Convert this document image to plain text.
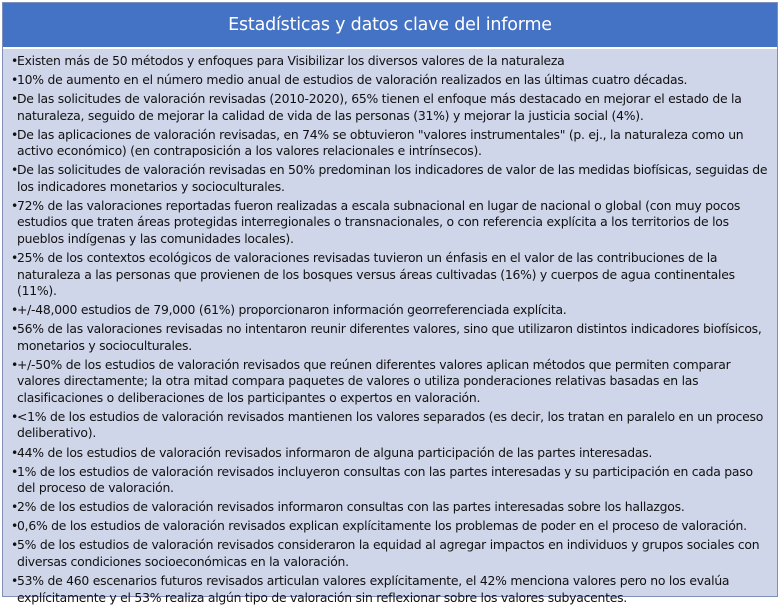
Estadísticas y datos clave del informe
•
Existen más de 50 métodos y enfoques para Visibilizar los diversos valores de la naturaleza
•
10% de aumento en el número medio anual de estudios de valoración realizados en las últimas cuatro décadas.
•
De las solicitudes de valoración revisadas (2010-2020), 65% tienen el enfoque más destacado en mejorar el estado de la naturaleza, seguido de mejorar la calidad de vida de las personas (31%) y mejorar la justicia social (4%).
•
De las aplicaciones de valoración revisadas, en 74% se obtuvieron "valores instrumentales" (p. ej., la naturaleza como un activo económico) (en contraposición a los valores relacionales e intrínsecos).
•
De las solicitudes de valoración revisadas en 50% predominan los indicadores de valor de las medidas biofísicas, seguidas de los indicadores monetarios y socioculturales.
•
72% de las valoraciones reportadas fueron realizadas a escala subnacional en lugar de nacional o global (con muy pocos estudios que traten áreas protegidas interregionales o transnacionales, o con referencia explícita a los territorios de los pueblos indígenas y las comunidades locales).
•
25% de los contextos ecológicos de valoraciones revisadas tuvieron un énfasis en el valor de las contribuciones de la naturaleza a las personas que provienen de los bosques versus áreas cultivadas (16%) y cuerpos de agua continentales (11%).
•
+/-48,000 estudios de 79,000 (61%) proporcionaron información georreferenciada explícita.
•
56% de las valoraciones revisadas no intentaron reunir diferentes valores, sino que utilizaron distintos indicadores biofísicos, monetarios y socioculturales.
•
+/-50% de los estudios de valoración revisados que reúnen diferentes valores aplican métodos que permiten comparar valores directamente; la otra mitad compara paquetes de valores o utiliza ponderaciones relativas basadas en las clasificaciones o deliberaciones de los participantes o expertos en valoración.
•
<1% de los estudios de valoración revisados mantienen los valores separados (es decir, los tratan en paralelo en un proceso deliberativo).
•
44% de los estudios de valoración revisados informaron de alguna participación de las partes interesadas.
•
1% de los estudios de valoración revisados incluyeron consultas con las partes interesadas y su participación en cada paso del proceso de valoración.
•
2% de los estudios de valoración revisados informaron consultas con las partes interesadas sobre los hallazgos.
•
0,6% de los estudios de valoración revisados explican explícitamente los problemas de poder en el proceso de valoración.
•
5% de los estudios de valoración revisados consideraron la equidad al agregar impactos en individuos y grupos sociales con diversas condiciones socioeconómicas en la valoración.
•
53% de 460 escenarios futuros revisados articulan valores explícitamente, el 42% menciona valores pero no los evalúa explícitamente y el 53% realiza algún tipo de valoración sin reflexionar sobre los valores subyacentes.
